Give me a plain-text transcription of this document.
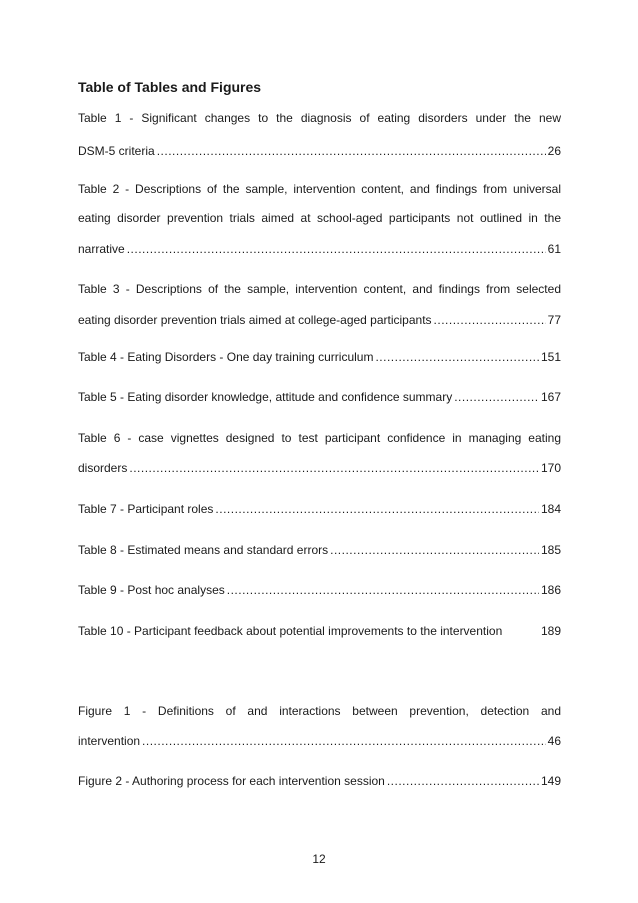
Table of Tables and Figures
Table 1 - Significant changes to the diagnosis of eating disorders under the new
DSM-5 criteria .....	26
Table 2 - Descriptions of the sample, intervention content, and findings from universal
eating disorder prevention trials aimed at school-aged participants not outlined in the
narrative .....	61
Table 3 - Descriptions of the sample, intervention content, and findings from selected
eating disorder prevention trials aimed at college-aged participants .....	77
Table 4 - Eating Disorders - One day training curriculum .....	151
Table 5 - Eating disorder knowledge, attitude and confidence summary .....	167
Table 6 - case vignettes designed to test participant confidence in managing eating
disorders .....	170
Table 7 - Participant roles .....	184
Table 8 - Estimated means and standard errors .....	185
Table 9 - Post hoc analyses .....	186
Table 10 - Participant feedback about potential improvements to the intervention	189
Figure 1 - Definitions of and interactions between prevention, detection and
intervention .....	46
Figure 2 - Authoring process for each intervention session .....	149
12
